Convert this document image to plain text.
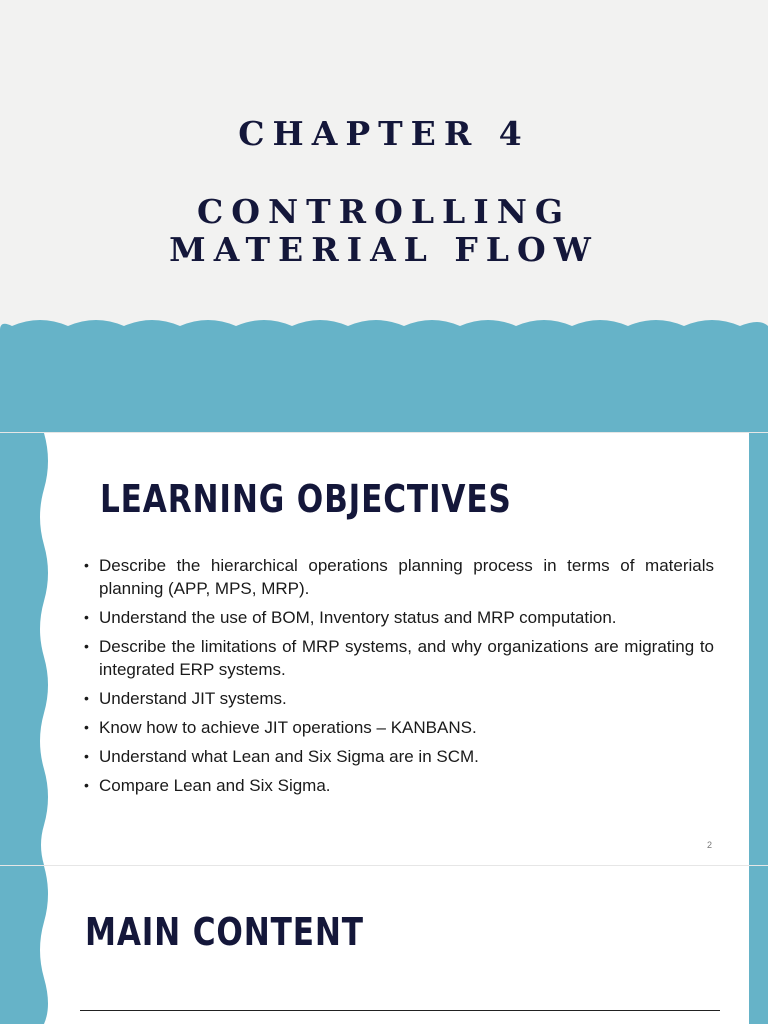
CHAPTER 4
CONTROLLING
MATERIAL FLOW
LEARNING OBJECTIVES
• Describe the hierarchical operations planning process in terms of materials planning (APP, MPS, MRP).
• Understand the use of BOM, Inventory status and MRP computation.
• Describe the limitations of MRP systems, and why organizations are migrating to integrated ERP systems.
• Understand JIT systems.
• Know how to achieve JIT operations – KANBANS.
• Understand what Lean and Six Sigma are in SCM.
• Compare Lean and Six Sigma.
2
MAIN CONTENT
